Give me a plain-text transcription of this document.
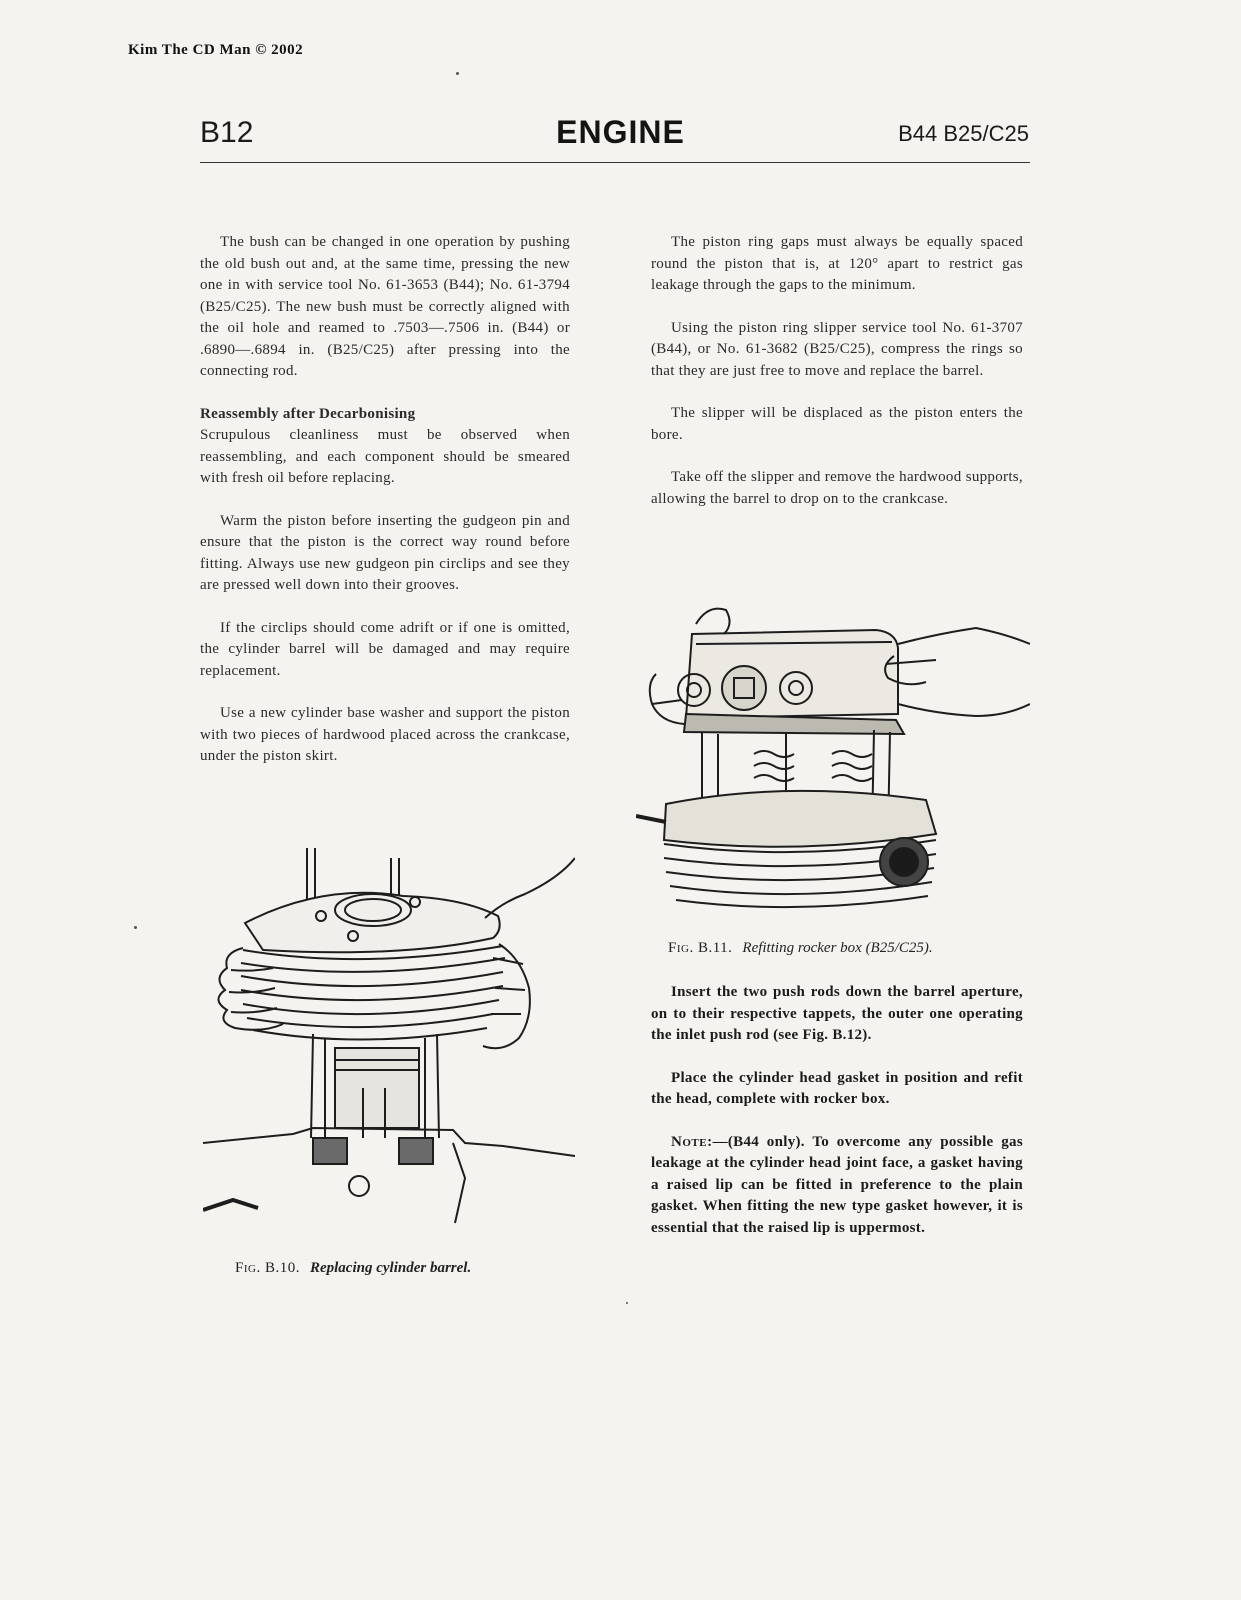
Kim The CD Man © 2002
B12	ENGINE	B44 B25/C25

The bush can be changed in one operation by pushing the old bush out and, at the same time, pressing the new one in with service tool No. 61-3653 (B44); No. 61-3794 (B25/C25). The new bush must be correctly aligned with the oil hole and reamed to .7503—.7506 in. (B44) or .6890—.6894 in. (B25/C25) after pressing into the connecting rod.

Reassembly after Decarbonising

Scrupulous cleanliness must be observed when reassembling, and each component should be smeared with fresh oil before replacing.

Warm the piston before inserting the gudgeon pin and ensure that the piston is the correct way round before fitting. Always use new gudgeon pin circlips and see they are pressed well down into their grooves.

If the circlips should come adrift or if one is omitted, the cylinder barrel will be damaged and may require replacement.

Use a new cylinder base washer and support the piston with two pieces of hardwood placed across the crankcase, under the piston skirt.

Fig. B.10. Replacing cylinder barrel.

The piston ring gaps must always be equally spaced round the piston that is, at 120° apart to restrict gas leakage through the gaps to the minimum.

Using the piston ring slipper service tool No. 61-3707 (B44), or No. 61-3682 (B25/C25), compress the rings so that they are just free to move and replace the barrel.

The slipper will be displaced as the piston enters the bore.

Take off the slipper and remove the hardwood supports, allowing the barrel to drop on to the crankcase.

Fig. B.11. Refitting rocker box (B25/C25).

Insert the two push rods down the barrel aperture, on to their respective tappets, the outer one operating the inlet push rod (see Fig. B.12).

Place the cylinder head gasket in position and refit the head, complete with rocker box.

Note:—(B44 only). To overcome any possible gas leakage at the cylinder head joint face, a gasket having a raised lip can be fitted in preference to the plain gasket. When fitting the new type gasket however, it is essential that the raised lip is uppermost.
